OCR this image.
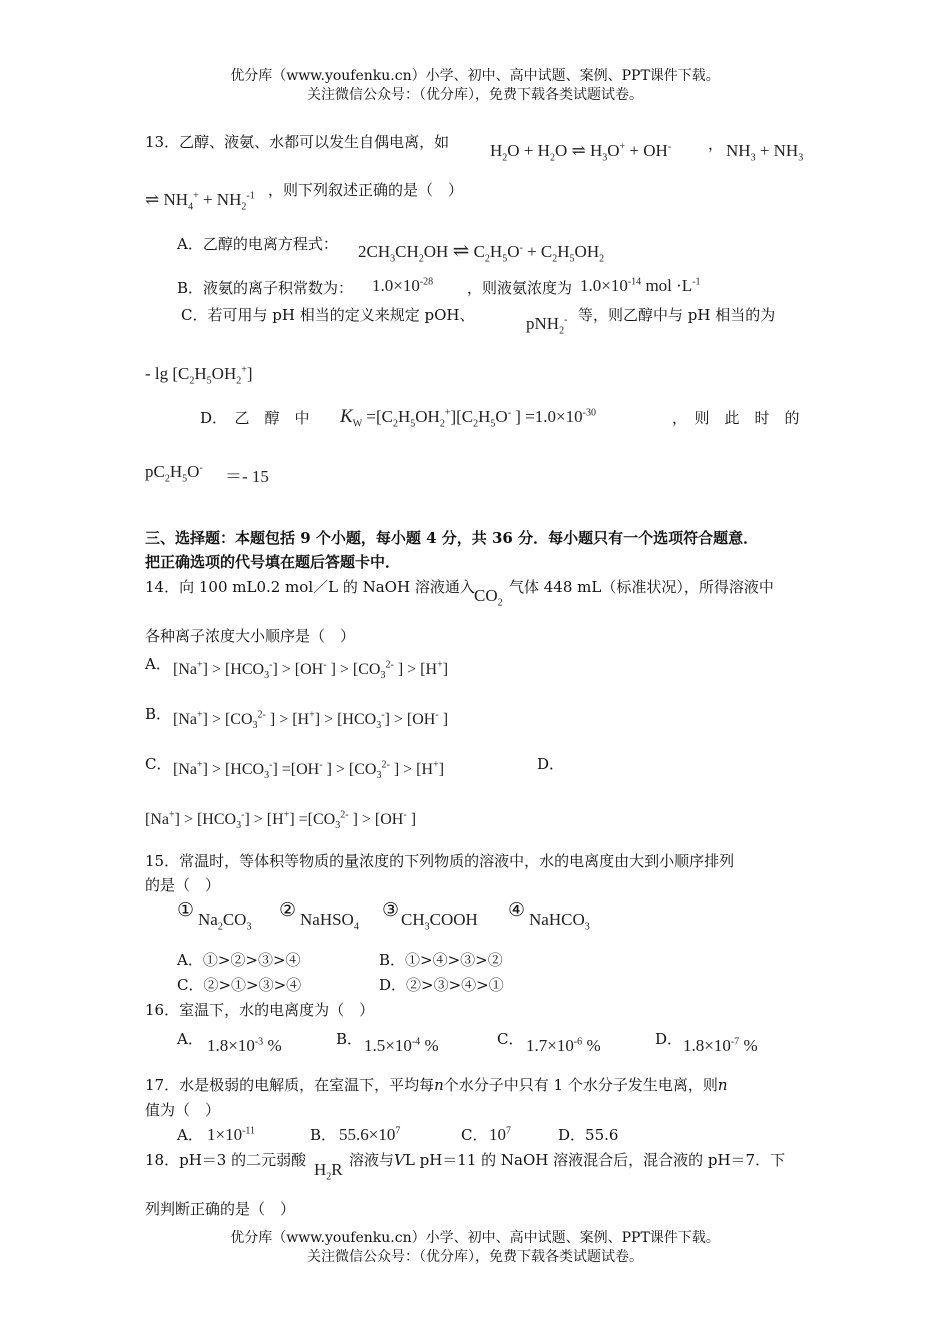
优分库（www.youfenku.cn）小学、初中、高中试题、案例、PPT课件下载。
关注微信公众号：（优分库），免费下载各类试题试卷。
13．乙醇、液氨、水都可以发生自偶电离，如 $H_2O + H_2O$ ⇌ $H_3O^+ + OH^-$ ， $NH_3 + NH_3$
⇌ $NH_4^+ + NH_2^{-1}$ ，则下列叙述正确的是（　）
A．乙醇的电离方程式： $2CH_3CH_2OH$ ⇌ $C_2H_5O^- + C_2H_5OH_2$
B．液氨的离子积常数为： $1.0\times 10^{-28}$ ，则液氨浓度为 $1.0\times 10^{-14}$ mol $\cdot L^{-1}$
C．若可用与 pH 相当的定义来规定 pOH、	pNH$_2$- 等，则乙醇中与 pH 相当的为
- $\lg [C_2H_5OH_2^+]$
D．　乙　醇　中 $K_W =[C_2H_5OH_2^+][C_2H_5O^-$ ] $=1.0\times 10^{-30}$	，　则　此　时　的
$pC_2H_5O^- =- 15$
三、选择题：本题包括 9 个小题，每小题 4 分，共 36 分．每小题只有一个选项符合题意．
把正确选项的代号填在题后答题卡中．
14．向 100 mL0.2 mol／L 的 NaOH 溶液通入 $CO_2$
气体 448 mL（标准状况），所得溶液中
各种离子浓度大小顺序是（　）
A． $[Na^+] > [HCO_3^-] > [OH^-$ ] > [$CO_3^{2-}$ ] > [H+]
B． $[Na^+] > [CO_3^{2-}$ ] > $[H^+] > [HCO_3^-] > [OH^-$ ]
C． $[Na^+] > [HCO_3^-] =[OH^-$ ] > [$CO_3^{2-}$ ] > [H+]	D．
$[Na^+] > [HCO_3^-] > [H^+] =[CO_3^{2-}$ ] > [OH- ]
15．常温时，等体积等物质的量浓度的下列物质的溶液中，水的电离度由大到小顺序排列
的是（　）
① $Na_2CO_3$
② NaHSO$_4$
③ $CH_3COOH$ ④ NaHCO$_3$
A．①>②>③>④	B．①>④>③>②
C．②>①>③>④	D．②>③>④>①
16．室温下，水的电离度为（　）
A． $1.8\times 10^{-3}$ %	B． $1.5\times 10^{-4}$ %	C． $1.7\times 10^{-6}$ %	D． $1.8\times 10^{-7}$ %
17．水是极弱的电解质，在室温下，平均每n个水分子中只有 1 个水分子发生电离，则n
值为（　）
A． $1\times 10^{-11}$	B． $55.6\times 10^7$	C． $10^7$	D．55.6
18．pH＝3 的二元弱酸 $H_2R$ 溶液与VL pH＝11 的 NaOH 溶液混合后，混合液的 pH＝7．下
列判断正确的是（　）
优分库（www.youfenku.cn）小学、初中、高中试题、案例、PPT课件下载。
关注微信公众号：（优分库），免费下载各类试题试卷。
